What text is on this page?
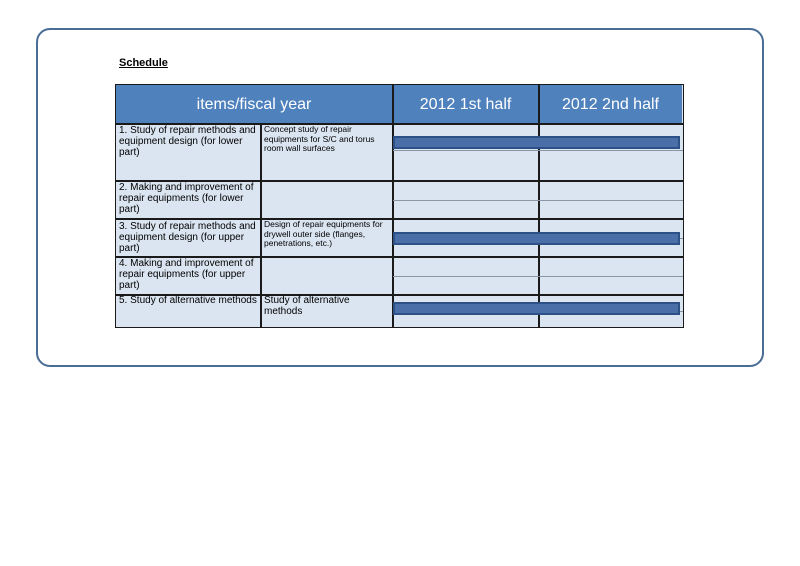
Schedule
items/fiscal year	2012 1st half	2012 2nd half
1. Study of repair methods and equipment design (for lower part)
Concept study of repair equipments for S/C and torus room wall surfaces
2. Making and improvement of repair equipments (for lower part)
3. Study of repair methods and equipment design (for upper part)
Design of repair equipments for drywell outer side (flanges, penetrations, etc.)
4. Making and improvement of repair equipments (for upper part)
5. Study of alternative methods Study of alternative methods
